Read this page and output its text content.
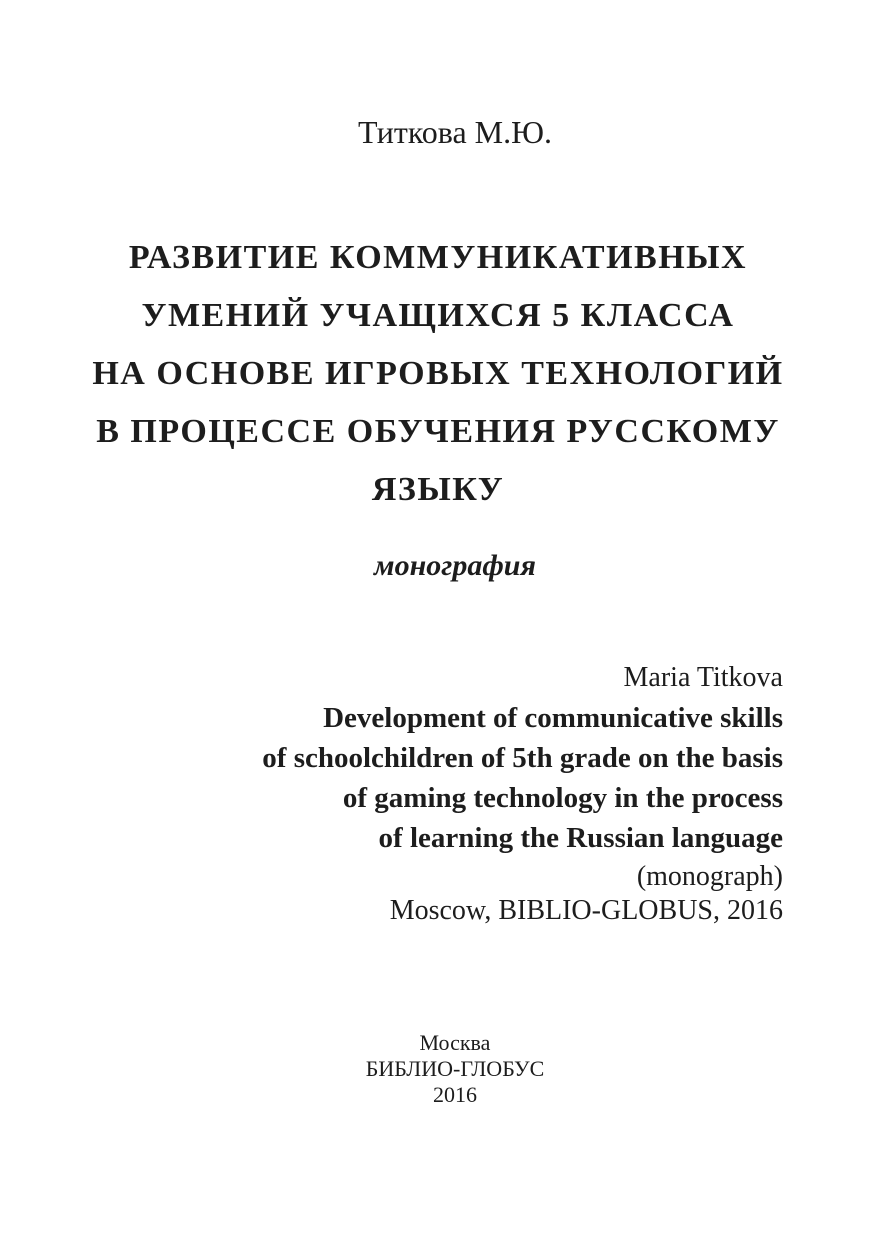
Титкова М.Ю.
РАЗВИТИЕ КОММУНИКАТИВНЫХ
УМЕНИЙ УЧАЩИХСЯ 5 КЛАССА
НА ОСНОВЕ ИГРОВЫХ ТЕХНОЛОГИЙ
В ПРОЦЕССЕ ОБУЧЕНИЯ РУССКОМУ
ЯЗЫКУ
монография
Maria Titkova
Development of communicative skills
of schoolchildren of 5th grade on the basis
of gaming technology in the process
of learning the Russian language
(monograph)
Moscow, BIBLIO-GLOBUS, 2016
Москва
БИБЛИО-ГЛОБУС
2016
